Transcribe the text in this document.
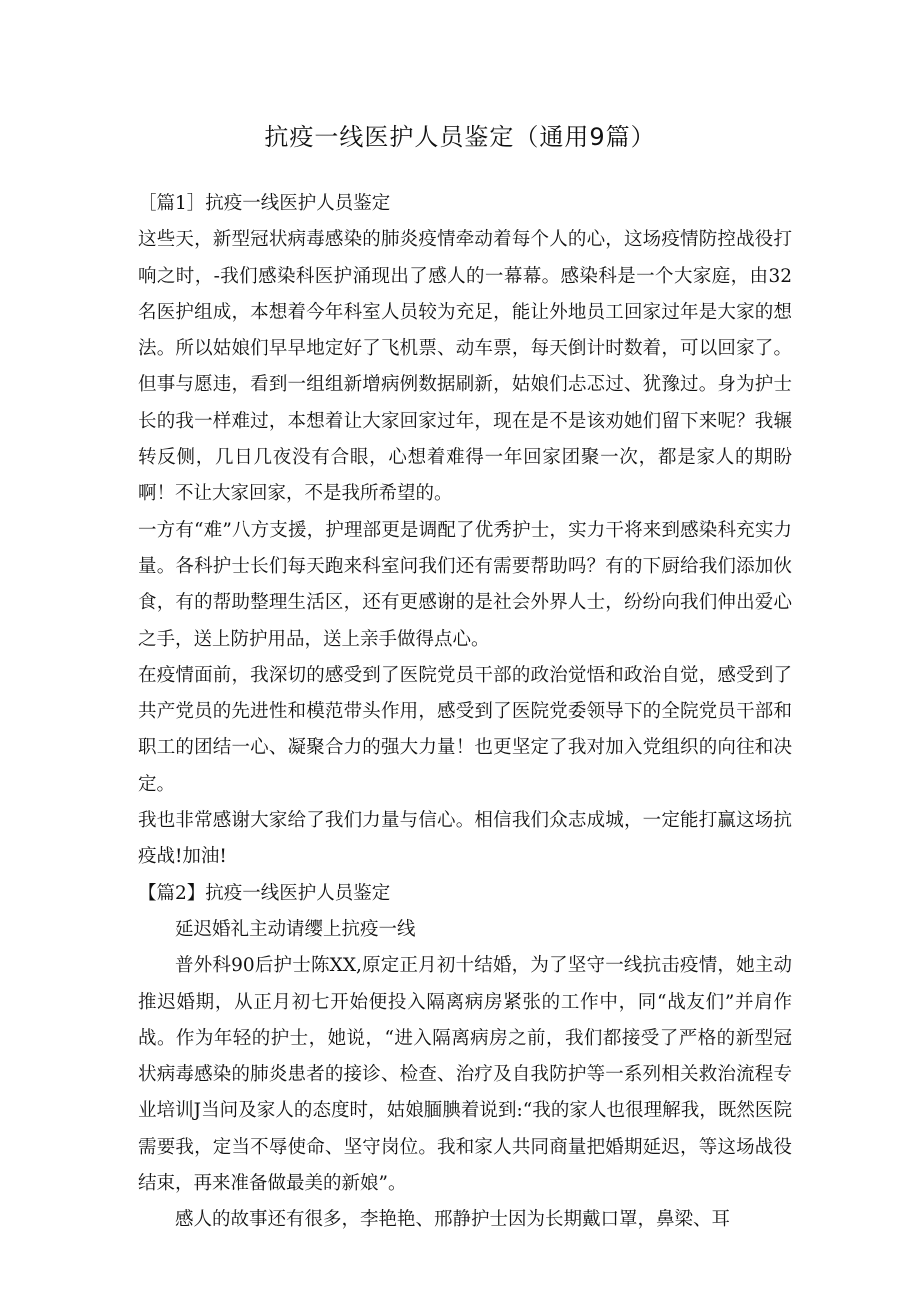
抗疫一线医护人员鉴定（通用9篇）

［篇1］抗疫一线医护人员鉴定

这些天，新型冠状病毒感染的肺炎疫情牵动着每个人的心，这场疫情防控战役打响之时，-我们感染科医护涌现出了感人的一幕幕。感染科是一个大家庭，由32名医护组成，本想着今年科室人员较为充足，能让外地员工回家过年是大家的想法。所以姑娘们早早地定好了飞机票、动车票，每天倒计时数着，可以回家了。但事与愿违，看到一组组新增病例数据刷新，姑娘们忐忑过、犹豫过。身为护士长的我一样难过，本想着让大家回家过年，现在是不是该劝她们留下来呢？我辗转反侧，几日几夜没有合眼，心想着难得一年回家团聚一次，都是家人的期盼啊！不让大家回家，不是我所希望的。

一方有“难”八方支援，护理部更是调配了优秀护士，实力干将来到感染科充实力量。各科护士长们每天跑来科室问我们还有需要帮助吗？有的下厨给我们添加伙食，有的帮助整理生活区，还有更感谢的是社会外界人士，纷纷向我们伸出爱心之手，送上防护用品，送上亲手做得点心。

在疫情面前，我深切的感受到了医院党员干部的政治觉悟和政治自觉，感受到了共产党员的先进性和模范带头作用，感受到了医院党委领导下的全院党员干部和职工的团结一心、凝聚合力的强大力量！也更坚定了我对加入党组织的向往和决定。

我也非常感谢大家给了我们力量与信心。相信我们众志成城，一定能打赢这场抗疫战!加油!

【篇2】抗疫一线医护人员鉴定

延迟婚礼主动请缨上抗疫一线

普外科90后护士陈XX,原定正月初十结婚，为了坚守一线抗击疫情，她主动推迟婚期，从正月初七开始便投入隔离病房紧张的工作中，同“战友们”并肩作战。作为年轻的护士，她说，“进入隔离病房之前，我们都接受了严格的新型冠状病毒感染的肺炎患者的接诊、检查、治疗及自我防护等一系列相关救治流程专业培训J当问及家人的态度时，姑娘腼腆着说到:“我的家人也很理解我，既然医院需要我，定当不辱使命、坚守岗位。我和家人共同商量把婚期延迟，等这场战役结束，再来准备做最美的新娘”。

感人的故事还有很多，李艳艳、邢静护士因为长期戴口罩，鼻梁、耳
